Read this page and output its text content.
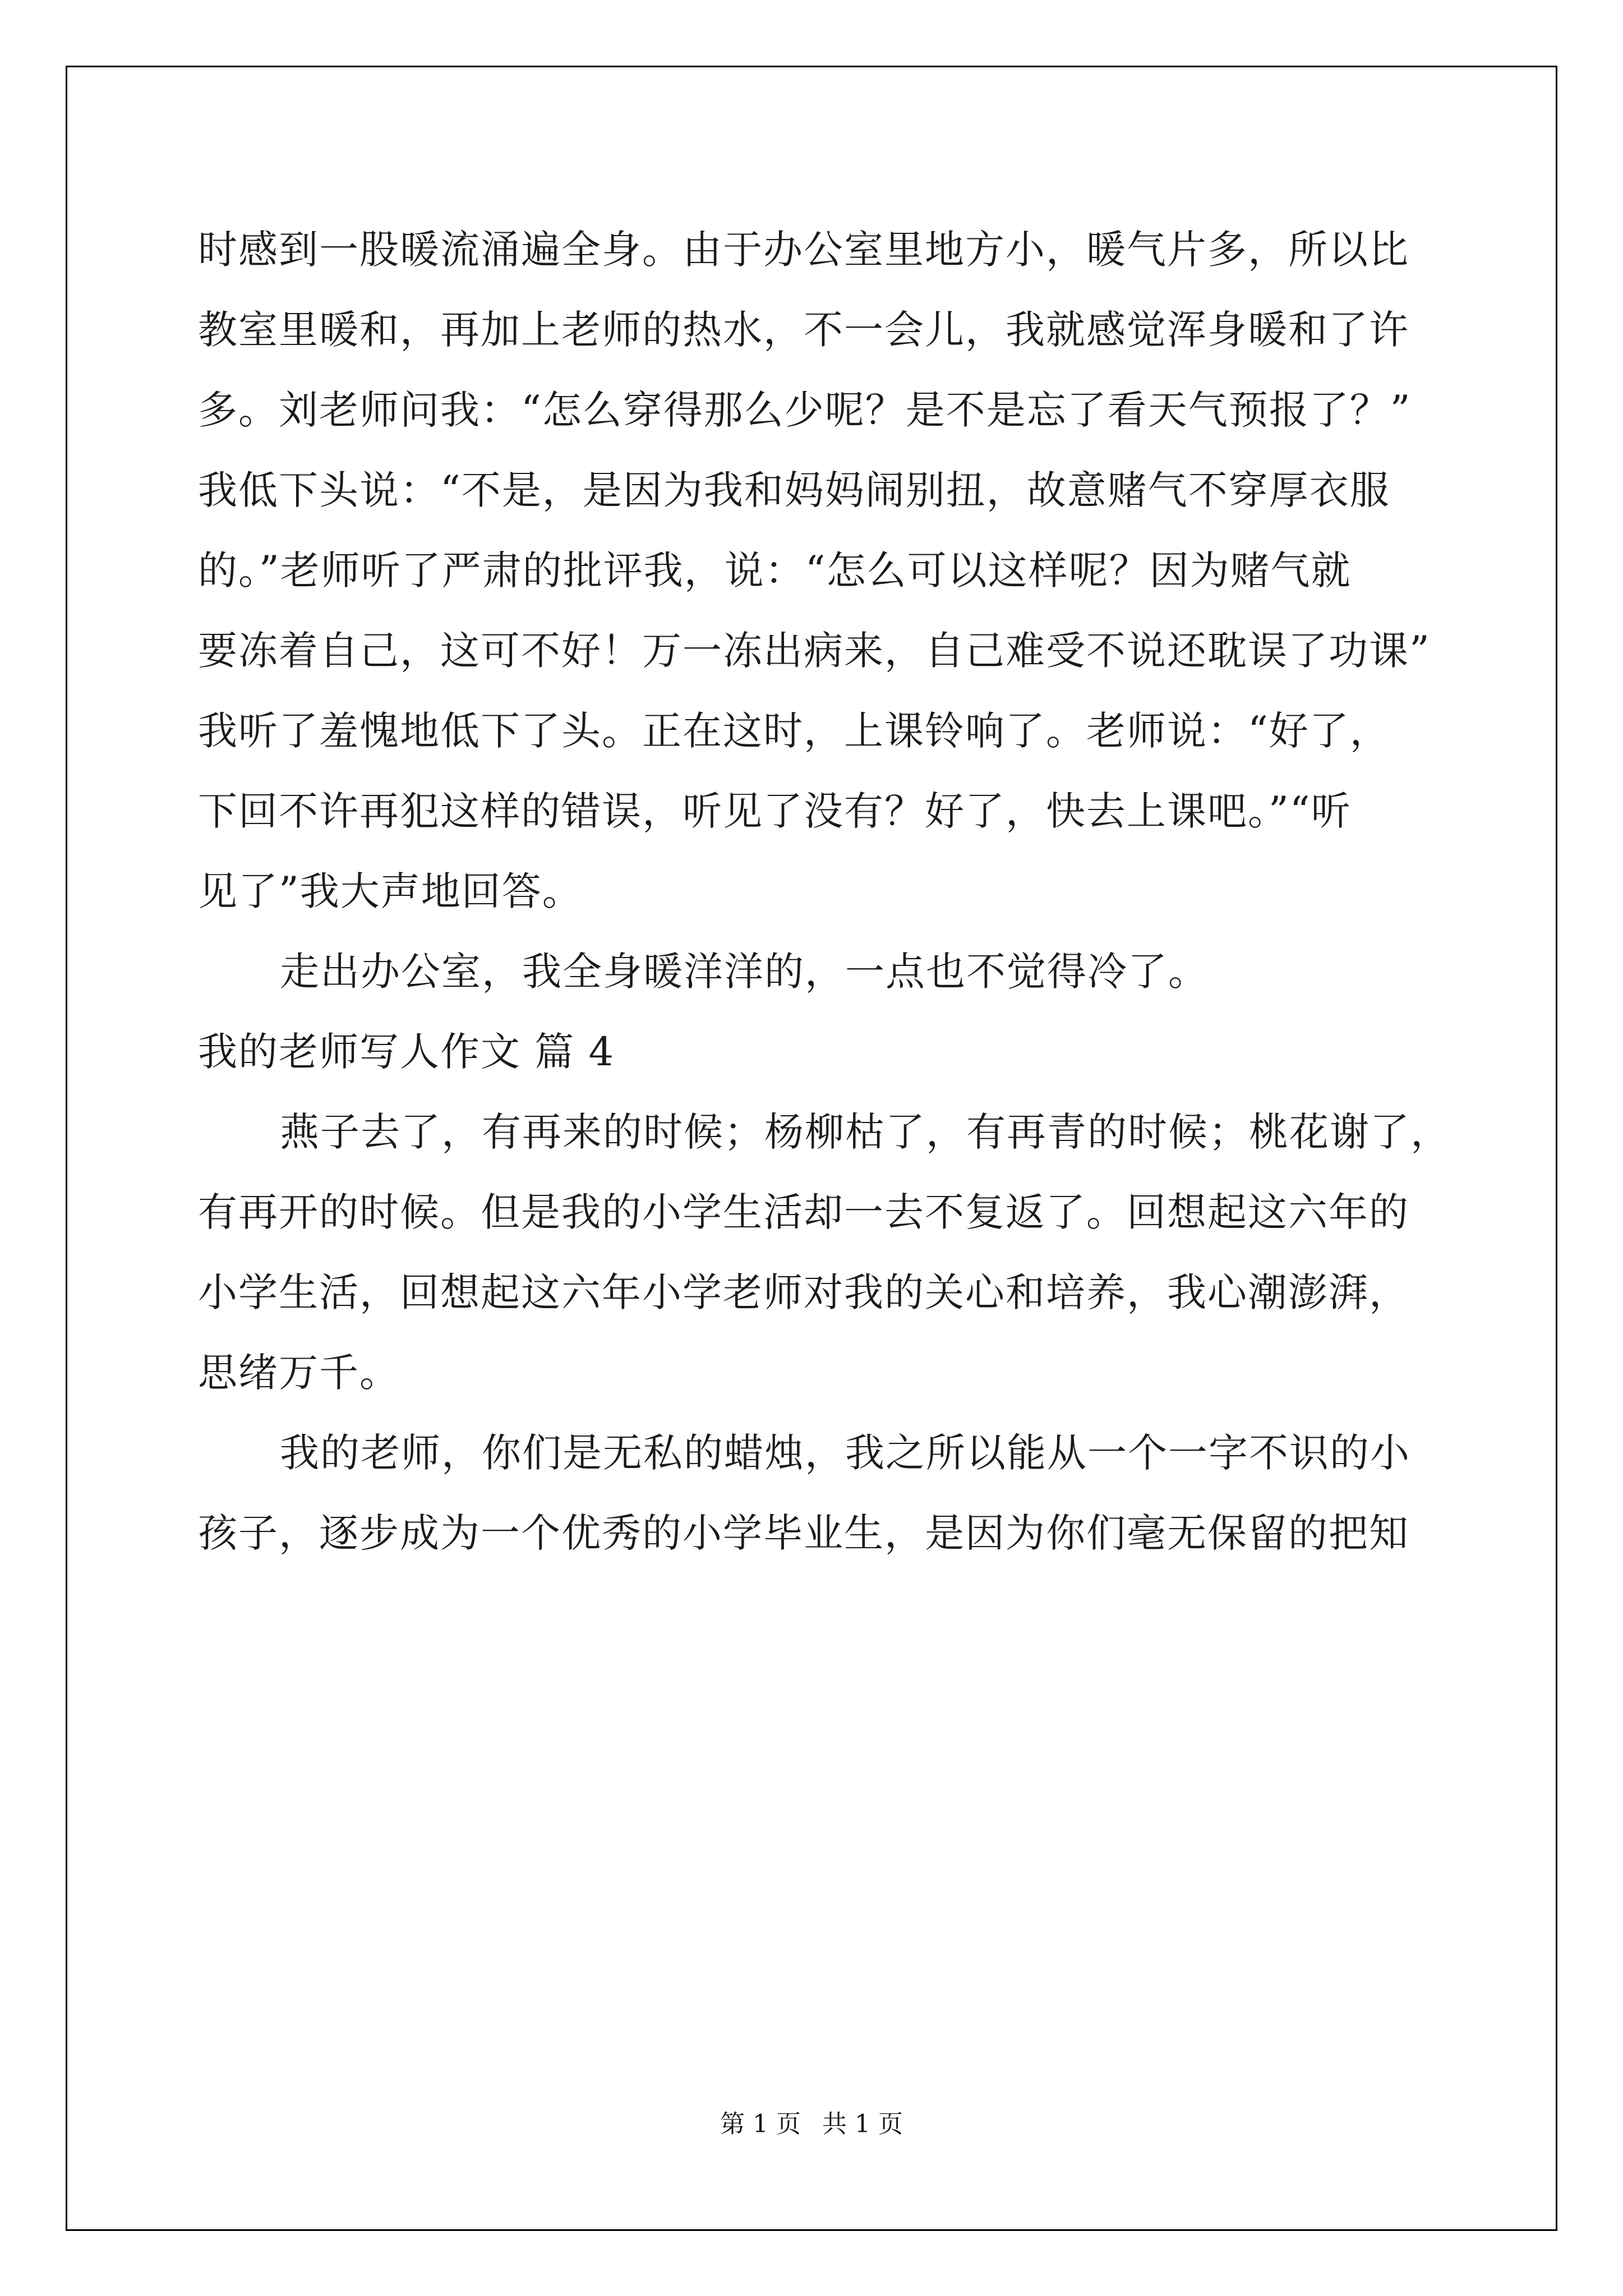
时感到一股暖流涌遍全身。由于办公室里地方小，暖气片多，所以比
教室里暖和，再加上老师的热水，不一会儿，我就感觉浑身暖和了许
多。刘老师问我：“怎么穿得那么少呢？是不是忘了看天气预报了？”
我低下头说：“不是，是因为我和妈妈闹别扭，故意赌气不穿厚衣服
的。”老师听了严肃的批评我，说：“怎么可以这样呢？因为赌气就
要冻着自己，这可不好！万一冻出病来，自己难受不说还耽误了功课”
我听了羞愧地低下了头。正在这时，上课铃响了。老师说：“好了，
下回不许再犯这样的错误，听见了没有？好了，快去上课吧。”“听
见了”我大声地回答。
走出办公室，我全身暖洋洋的，一点也不觉得冷了。
我的老师写人作文 篇 4
燕子去了，有再来的时候；杨柳枯了，有再青的时候；桃花谢了，
有再开的时候。但是我的小学生活却一去不复返了。回想起这六年的
小学生活，回想起这六年小学老师对我的关心和培养，我心潮澎湃，
思绪万千。
我的老师，你们是无私的蜡烛，我之所以能从一个一字不识的小
孩子，逐步成为一个优秀的小学毕业生，是因为你们毫无保留的把知
第 1 页 共 1 页
